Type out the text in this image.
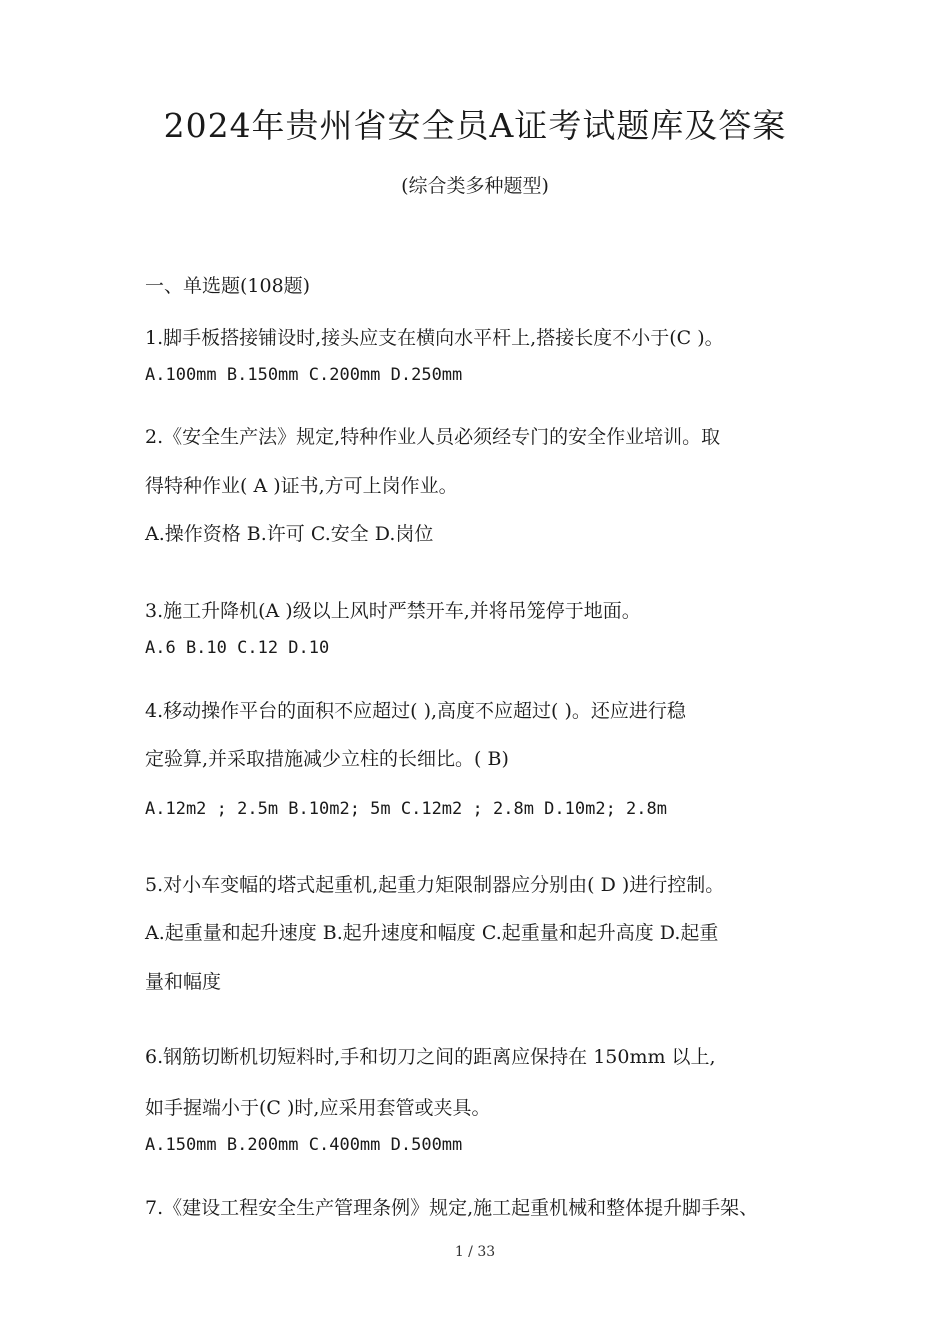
2024年贵州省安全员A证考试题库及答案
(综合类多种题型)
一、单选题(108题)
1.脚手板搭接铺设时,接头应支在横向水平杆上,搭接长度不小于(C )。
A.100mm B.150mm C.200mm D.250mm
2.《安全生产法》规定,特种作业人员必须经专门的安全作业培训。取
得特种作业( A )证书,方可上岗作业。
A.操作资格 B.许可 C.安全 D.岗位
3.施工升降机(A )级以上风时严禁开车,并将吊笼停于地面。
A.6 B.10 C.12 D.10
4.移动操作平台的面积不应超过( ),高度不应超过( )。还应进行稳
定验算,并采取措施减少立柱的长细比。( B)
A.12m2 ; 2.5m B.10m2; 5m C.12m2 ; 2.8m D.10m2; 2.8m
5.对小车变幅的塔式起重机,起重力矩限制器应分别由( D )进行控制。
A.起重量和起升速度 B.起升速度和幅度 C.起重量和起升高度 D.起重
量和幅度
6.钢筋切断机切短料时,手和切刀之间的距离应保持在 150mm 以上,
如手握端小于(C )时,应采用套管或夹具。
A.150mm B.200mm C.400mm D.500mm
7.《建设工程安全生产管理条例》规定,施工起重机械和整体提升脚手架、
1 / 33
